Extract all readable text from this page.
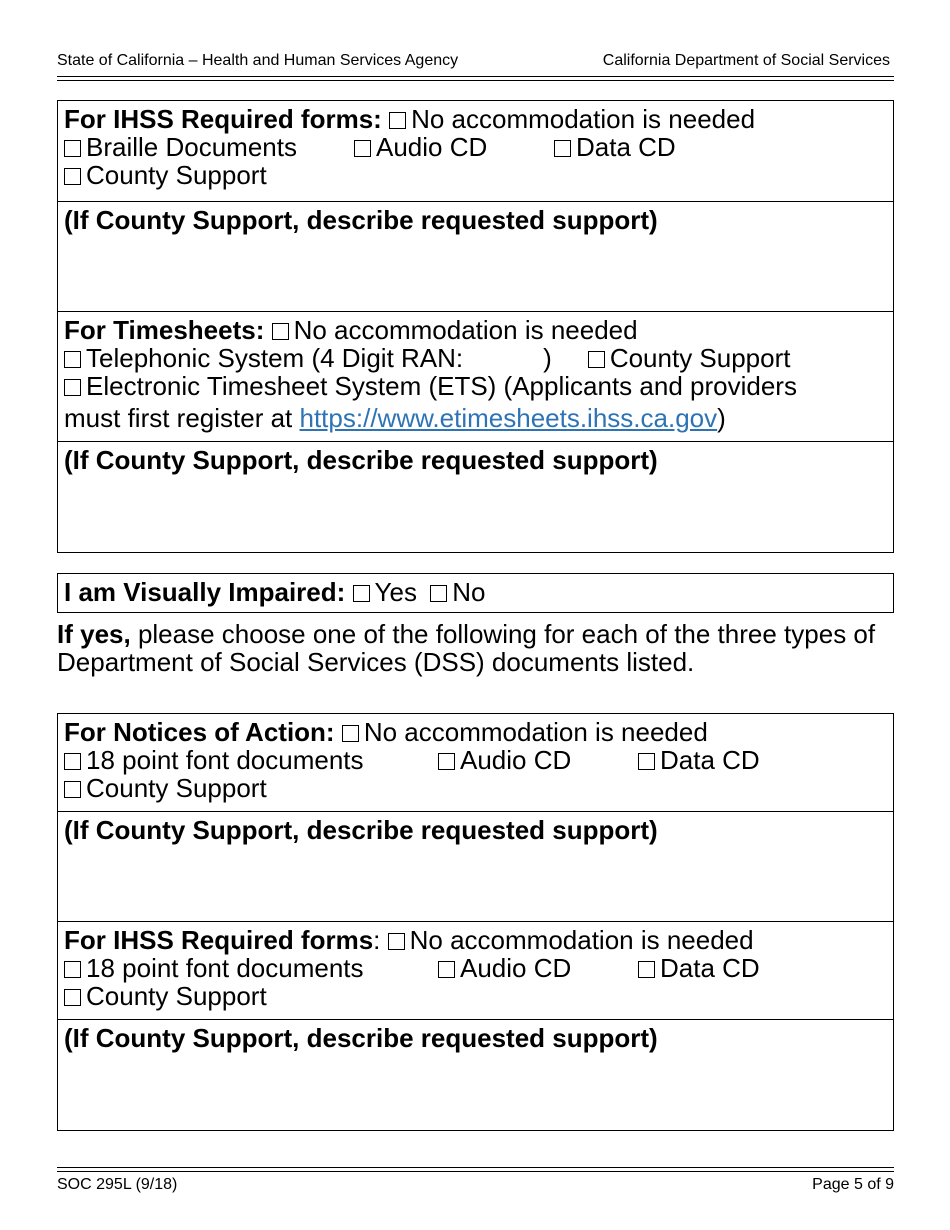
State of California – Health and Human Services Agency	California Department of Social Services
For IHSS Required forms: No accommodation is needed
Braille Documents	Audio CD	Data CD
County Support
(If County Support, describe requested support)
For Timesheets: No accommodation is needed
Telephonic System (4 Digit RAN:	) County Support
Electronic Timesheet System (ETS) (Applicants and providers
must first register at https://www.etimesheets.ihss.ca.gov)
(If County Support, describe requested support)
I am Visually Impaired: Yes No
If yes, please choose one of the following for each of the three types of Department of Social Services (DSS) documents listed.
For Notices of Action: No accommodation is needed
18 point font documents	Audio CD	Data CD
County Support
(If County Support, describe requested support)
For IHSS Required forms: No accommodation is needed
18 point font documents	Audio CD	Data CD
County Support
(If County Support, describe requested support)
SOC 295L (9/18)	Page 5 of 9
